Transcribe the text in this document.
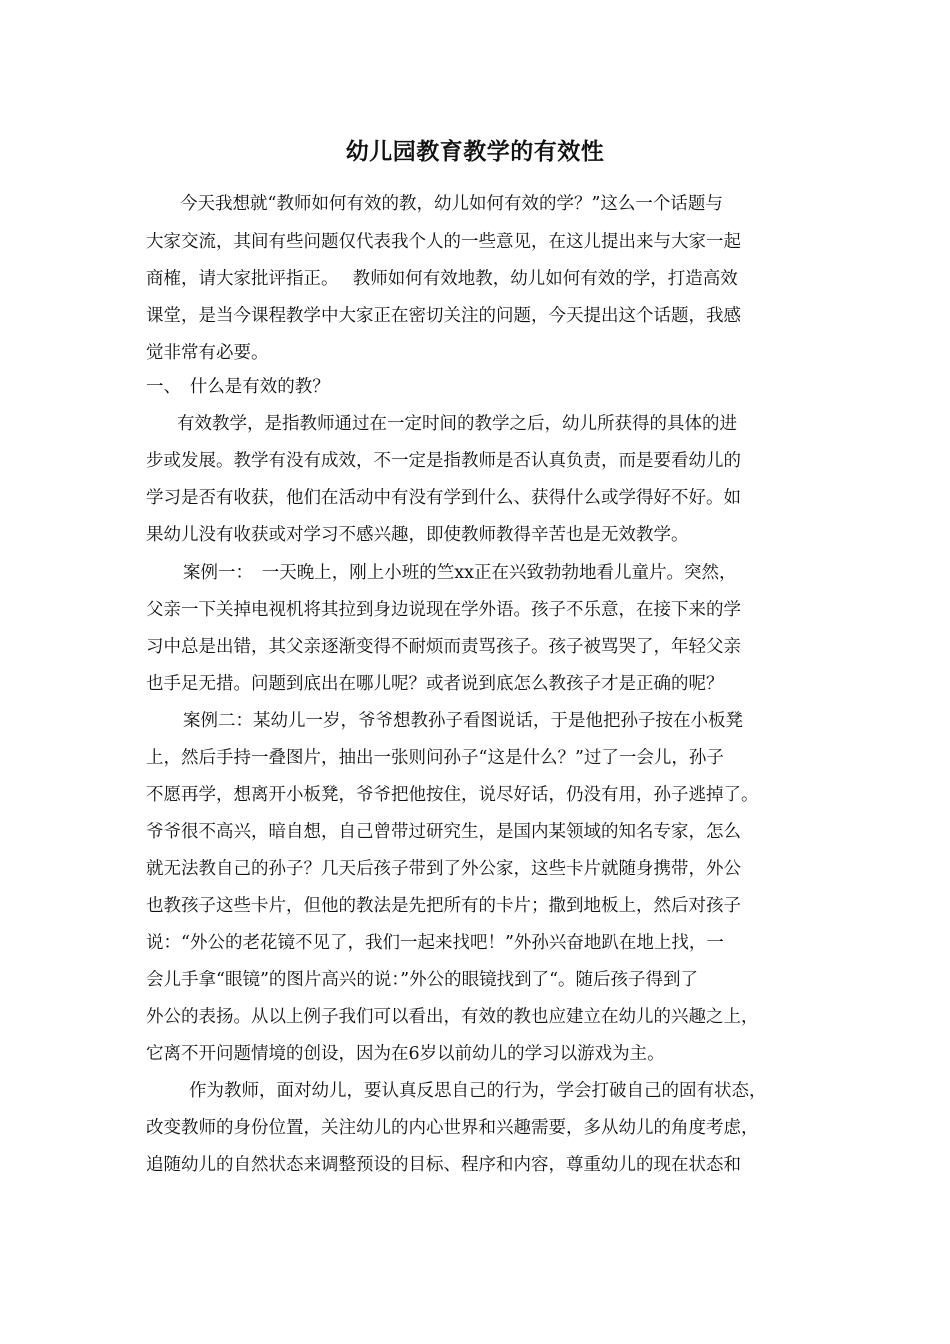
幼儿园教育教学的有效性
今天我想就“教师如何有效的教，幼儿如何有效的学？”这么一个话题与
大家交流，其间有些问题仅代表我个人的一些意见，在这儿提出来与大家一起
商榷，请大家批评指正。　 教师如何有效地教，幼儿如何有效的学，打造高效
课堂，是当今课程教学中大家正在密切关注的问题，今天提出这个话题，我感
觉非常有必要。
一、　什么是有效的教？
有效教学，是指教师通过在一定时间的教学之后，幼儿所获得的具体的进
步或发展。教学有没有成效，不一定是指教师是否认真负责，而是要看幼儿的
学习是否有收获，他们在活动中有没有学到什么、获得什么或学得好不好。如
果幼儿没有收获或对学习不感兴趣，即使教师教得辛苦也是无效教学。
案例一：　一天晚上，刚上小班的竺xx正在兴致勃勃地看儿童片。突然，
父亲一下关掉电视机将其拉到身边说现在学外语。孩子不乐意，在接下来的学
习中总是出错，其父亲逐渐变得不耐烦而责骂孩子。孩子被骂哭了，年轻父亲
也手足无措。问题到底出在哪儿呢？或者说到底怎么教孩子才是正确的呢？
案例二：某幼儿一岁，爷爷想教孙子看图说话，于是他把孙子按在小板凳
上，然后手持一叠图片，抽出一张则问孙子“这是什么？”过了一会儿，孙子
不愿再学，想离开小板凳，爷爷把他按住，说尽好话，仍没有用，孙子逃掉了。
爷爷很不高兴，暗自想，自己曾带过研究生，是国内某领域的知名专家，怎么
就无法教自己的孙子？几天后孩子带到了外公家，这些卡片就随身携带，外公
也教孩子这些卡片，但他的教法是先把所有的卡片；撒到地板上，然后对孩子
说：“外公的老花镜不见了，我们一起来找吧！”外孙兴奋地趴在地上找，一
会儿手拿“眼镜”的图片高兴的说：”外公的眼镜找到了“。随后孩子得到了
外公的表扬。从以上例子我们可以看出，有效的教也应建立在幼儿的兴趣之上，
它离不开问题情境的创设，因为在6岁以前幼儿的学习以游戏为主。
作为教师，面对幼儿，要认真反思自己的行为，学会打破自己的固有状态，
改变教师的身份位置，关注幼儿的内心世界和兴趣需要，多从幼儿的角度考虑，
追随幼儿的自然状态来调整预设的目标、程序和内容，尊重幼儿的现在状态和
